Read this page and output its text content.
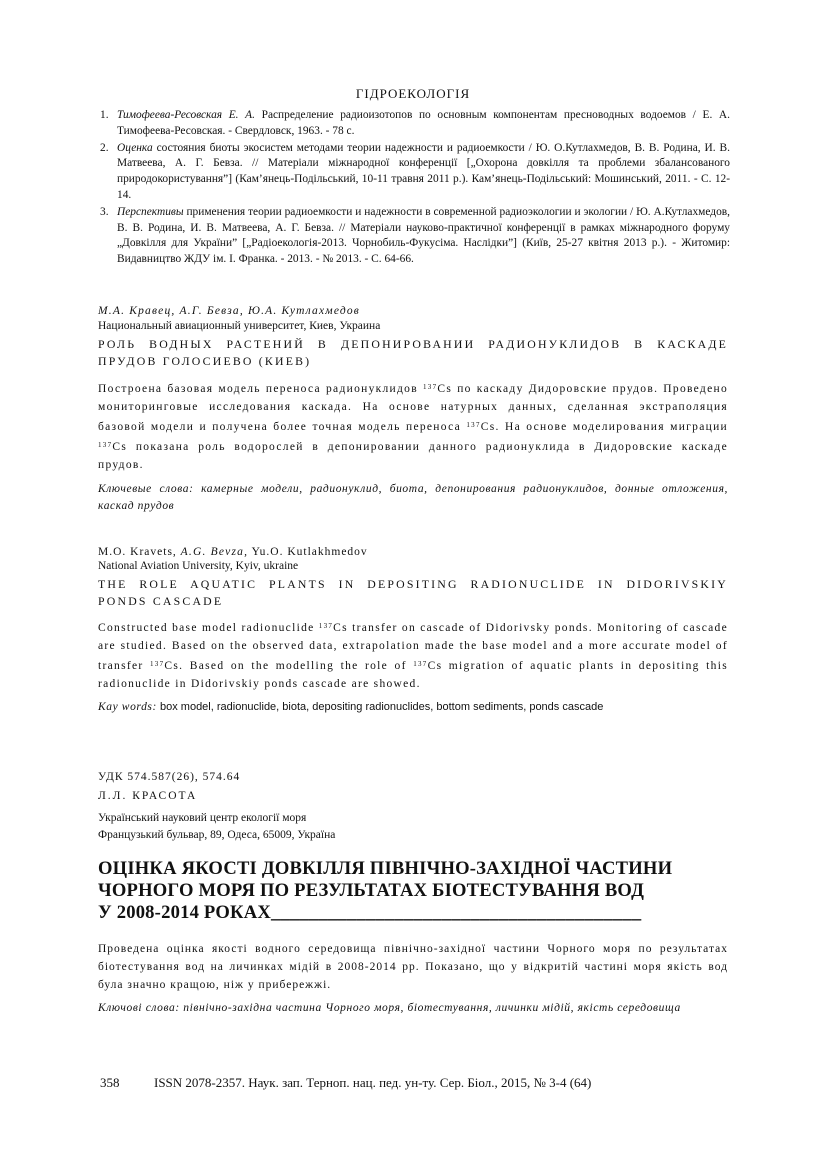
ГІДРОЕКОЛОГІЯ
1. Тимофеева-Ресовская Е. А. Распределение радиоизотопов по основным компонентам пресноводных водоемов / Е. А. Тимофеева-Ресовская. - Свердловск, 1963. - 78 с.
2. Оценка состояния биоты экосистем методами теории надежности и радиоемкости / Ю. О.Кутлахмедов, В. В. Родина, И. В. Матвеева, А. Г. Бевза. // Матеріали міжнародної конференції [„Охорона довкілля та проблеми збалансованого природокористування”] (Кам’янець-Подільський, 10-11 травня 2011 р.). Кам’янець-Подільський: Мошинський, 2011. - С. 12-14.
3. Перспективы применения теории радиоемкости и надежности в современной радиоэкологии и экологии / Ю. А.Кутлахмедов, В. В. Родина, И. В. Матвеева, А. Г. Бевза. // Матеріали науково-практичної конференції в рамках міжнародного форуму „Довкілля для України” [„Радіоекологія-2013. Чорнобиль-Фукусіма. Наслідки”] (Київ, 25-27 квітня 2013 р.). - Житомир: Видавництво ЖДУ ім. І. Франка. - 2013. - № 2013. - С. 64-66.
М.А. Кравец, А.Г. Бевза, Ю.А. Кутлахмедов
Национальный авиационный университет, Киев, Украина
РОЛЬ ВОДНЫХ РАСТЕНИЙ В ДЕПОНИРОВАНИИ РАДИОНУКЛИДОВ В КАСКАДЕ ПРУДОВ ГОЛОСИЕВО (КИЕВ)
Построена базовая модель переноса радионуклидов $^{137}$Cs по каскаду Дидоровские прудов. Проведено мониторинговые исследования каскада. На основе натурных данных, сделанная экстраполяция базовой модели и получена более точная модель переноса $^{137}$Cs. На основе моделирования миграции $^{137}$Cs показана роль водорослей в депонировании данного радионуклида в Дидоровские каскаде прудов.
Ключевые слова: камерные модели, радионуклид, биота, депонирования радионуклидов, донные отложения, каскад прудов
M.O. Kravets, A.G. Bevza, Yu.O. Kutlakhmedov
National Aviation University, Kyiv, ukraine
THE ROLE AQUATIC PLANTS IN DEPOSITING RADIONUCLIDE IN DIDORIVSKIY PONDS CASCADE
Constructed base model radionuclide $^{137}$Cs transfer on cascade of Didorivsky ponds. Monitoring of cascade are studied. Based on the observed data, extrapolation made the base model and a more accurate model of transfer $^{137}$Cs. Based on the modelling the role of $^{137}$Cs migration of aquatic plants in depositing this radionuclide in Didorivskiy ponds cascade are showed.
Kay words: box model, radionuclide, biota, depositing radionuclides, bottom sediments, ponds cascade
УДК 574.587(26), 574.64
Л.Л. КРАСОТА
Український науковий центр екології моря
Французький бульвар, 89, Одеса, 65009, Україна
ОЦІНКА ЯКОСТІ ДОВКІЛЛЯ ПІВНІЧНО-ЗАХІДНОЇ ЧАСТИНИ
ЧОРНОГО МОРЯ ПО РЕЗУЛЬТАТАХ БІОТЕСТУВАННЯ ВОД
У 2008-2014 РОКАХ_______________________________________
Проведена оцінка якості водного середовища північно-західної частини Чорного моря по результатах біотестування вод на личинках мідій в 2008-2014 рр. Показано, що у відкритій частині моря якість вод була значно кращою, ніж у прибережжі.
Ключові слова: північно-західна частина Чорного моря, біотестування, личинки мідій, якість середовища
358	ISSN 2078-2357. Наук. зап. Терноп. нац. пед. ун-ту. Сер. Біол., 2015, № 3-4 (64)
